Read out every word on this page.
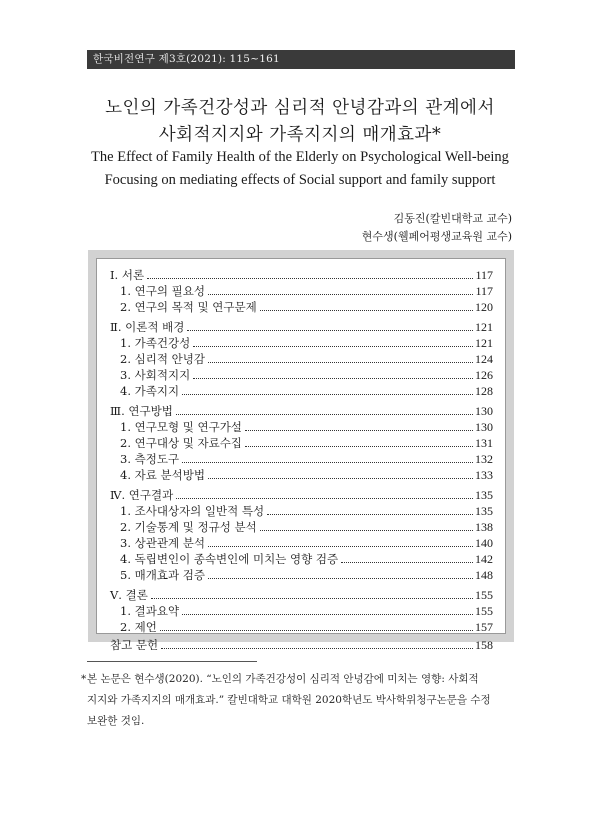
한국비전연구 제3호(2021): 115~161
노인의 가족건강성과 심리적 안녕감과의 관계에서
사회적지지와 가족지지의 매개효과*
The Effect of Family Health of the Elderly on Psychological Well-being
Focusing on mediating effects of Social support and family support
김동진(칼빈대학교 교수)
현수생(웰페어평생교육원 교수)
Ⅰ. 서론	117
1. 연구의 필요성	117
2. 연구의 목적 및 연구문제	120
Ⅱ. 이론적 배경	121
1. 가족건강성	121
2. 심리적 안녕감	124
3. 사회적지지	126
4. 가족지지	128
Ⅲ. 연구방법	130
1. 연구모형 및 연구가설	130
2. 연구대상 및 자료수집	131
3. 측정도구	132
4. 자료 분석방법	133
Ⅳ. 연구결과	135
1. 조사대상자의 일반적 특성	135
2. 기술통계 및 정규성 분석	138
3. 상관관계 분석	140
4. 독립변인이 종속변인에 미치는 영향 검증	142
5. 매개효과 검증	148
Ⅴ. 결론	155
1. 결과요약	155
2. 제언	157
참고 문헌	158
* 본 논문은 현수생(2020). “노인의 가족건강성이 심리적 안녕감에 미치는 영향: 사회적
지지와 가족지지의 매개효과.” 칼빈대학교 대학원 2020학년도 박사학위청구논문을 수정
보완한 것임.
